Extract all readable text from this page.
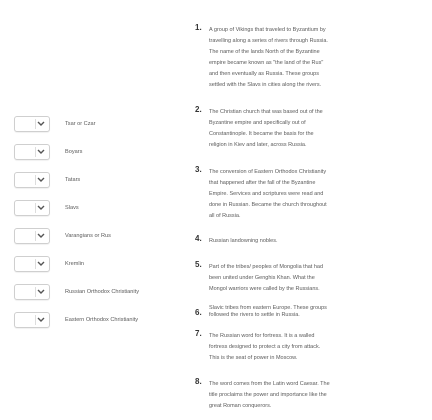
Tsar or Czar
Boyars
Tatars
Slavs
Varangians or Rus
Kremlin
Russian Orthodox Christianity
Eastern Orthodox Christianity
1. A group of Vikings that traveled to Byzantium by
travelling along a series of rivers through Russia.
The name of the lands North of the Byzantine
empire became known as "the land of the Rus"
and then eventually as Russia. These groups
settled with the Slavs in cities along the rivers.
2. The Christian church that was based out of the
Byzantine empire and specifically out of
Constantinople. It became the basis for the
religion in Kiev and later, across Russia.
3. The conversion of Eastern Orthodox Christianity
that happened after the fall of the Byzantine
Empire. Services and scriptures were read and
done in Russian. Became the church throughout
all of Russia.
4. Russian landowning nobles.
5. Part of the tribes/ peoples of Mongolia that had
been united under Genghis Khan. What the
Mongol warriors were called by the Russians.
6. Slavic tribes from eastern Europe. These groups
followed the rivers to settle in Russia.
7. The Russian word for fortress. It is a walled
fortress designed to protect a city from attack.
This is the seat of power in Moscow.
8. The word comes from the Latin word Caesar. The
title proclaims the power and importance like the
great Roman conquerors.
